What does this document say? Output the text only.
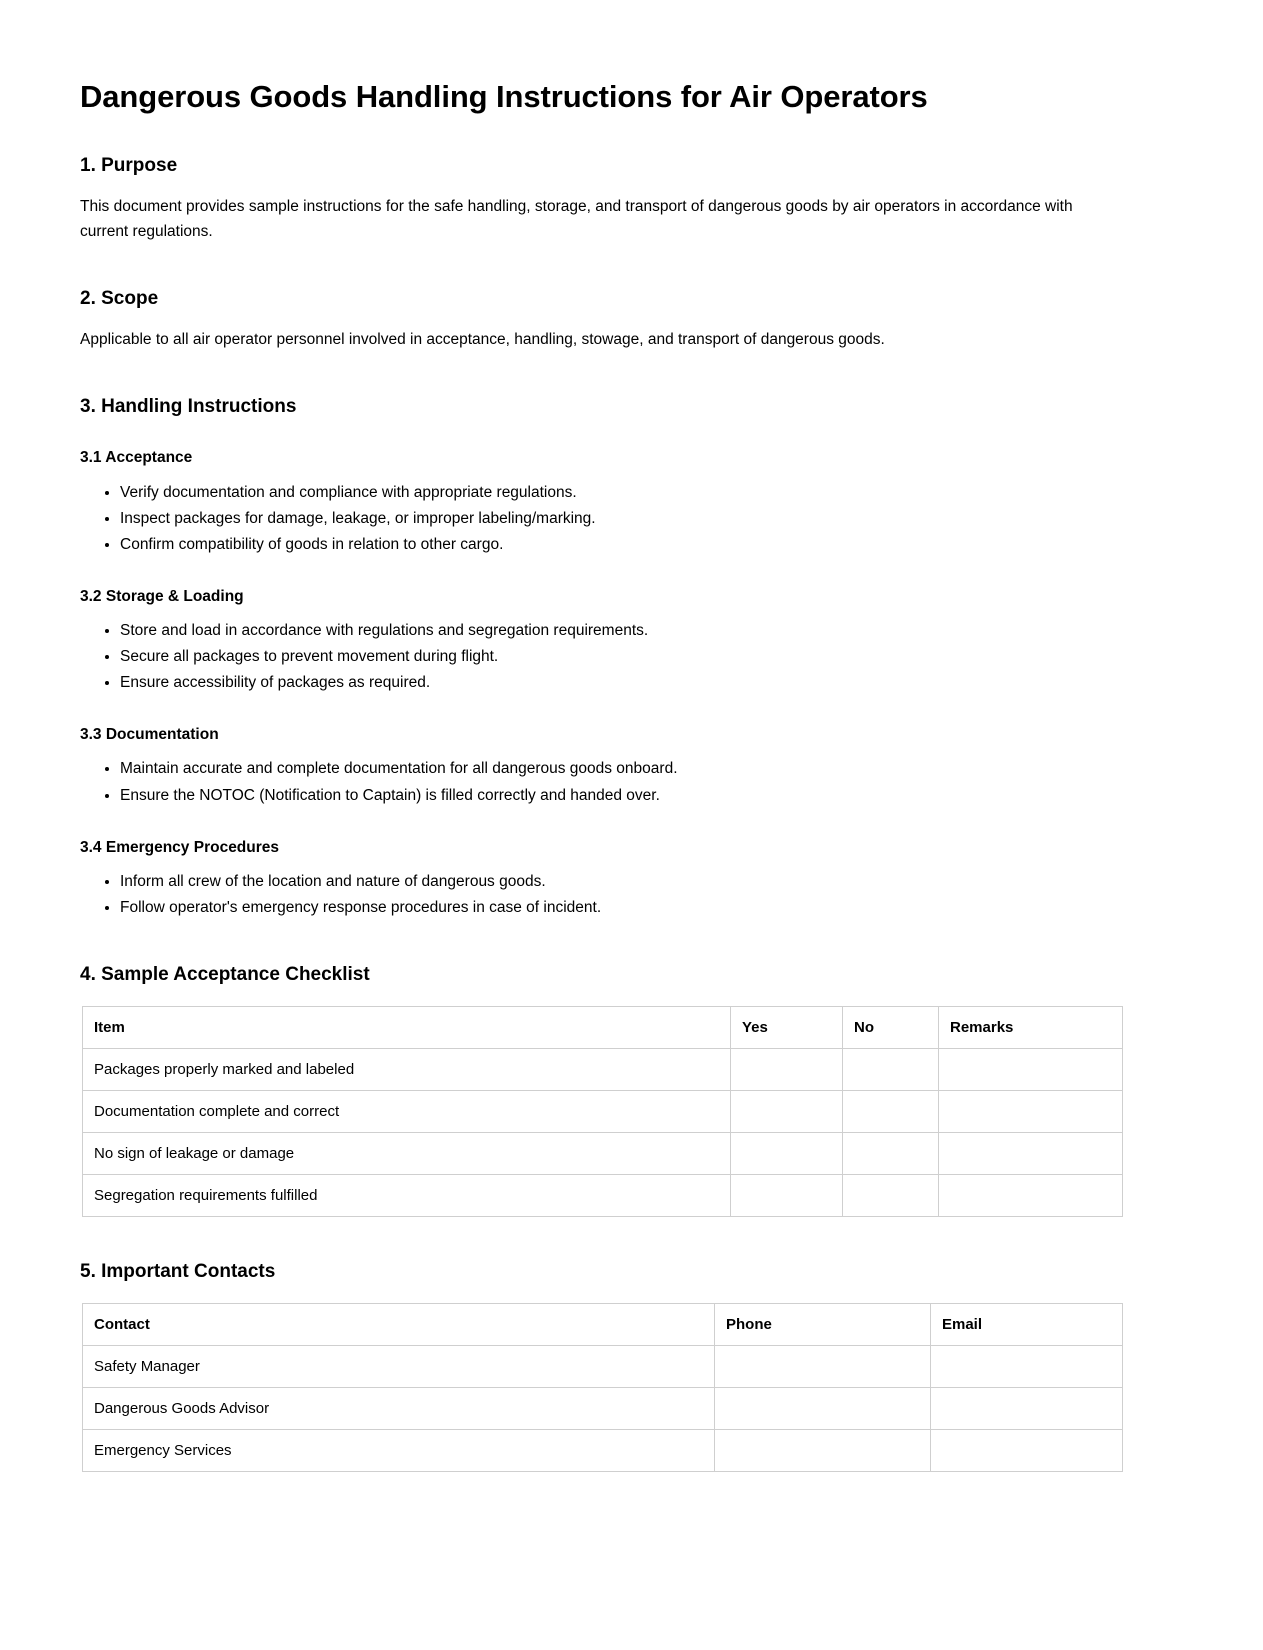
Dangerous Goods Handling Instructions for Air Operators
1. Purpose

This document provides sample instructions for the safe handling, storage, and transport of dangerous goods by air operators in accordance with current regulations.

2. Scope

Applicable to all air operator personnel involved in acceptance, handling, stowage, and transport of dangerous goods.

3. Handling Instructions
3.1 Acceptance
• Verify documentation and compliance with appropriate regulations.
• Inspect packages for damage, leakage, or improper labeling/marking.
• Confirm compatibility of goods in relation to other cargo.
3.2 Storage & Loading
• Store and load in accordance with regulations and segregation requirements.
• Secure all packages to prevent movement during flight.
• Ensure accessibility of packages as required.
3.3 Documentation
• Maintain accurate and complete documentation for all dangerous goods onboard.
• Ensure the NOTOC (Notification to Captain) is filled correctly and handed over.
3.4 Emergency Procedures
• Inform all crew of the location and nature of dangerous goods.
• Follow operator's emergency response procedures in case of incident.
4. Sample Acceptance Checklist
Item	Yes	No	Remarks
Packages properly marked and labeled			
Documentation complete and correct			
No sign of leakage or damage			
Segregation requirements fulfilled			
5. Important Contacts
Contact	Phone	Email
Safety Manager		
Dangerous Goods Advisor		
Emergency Services		
